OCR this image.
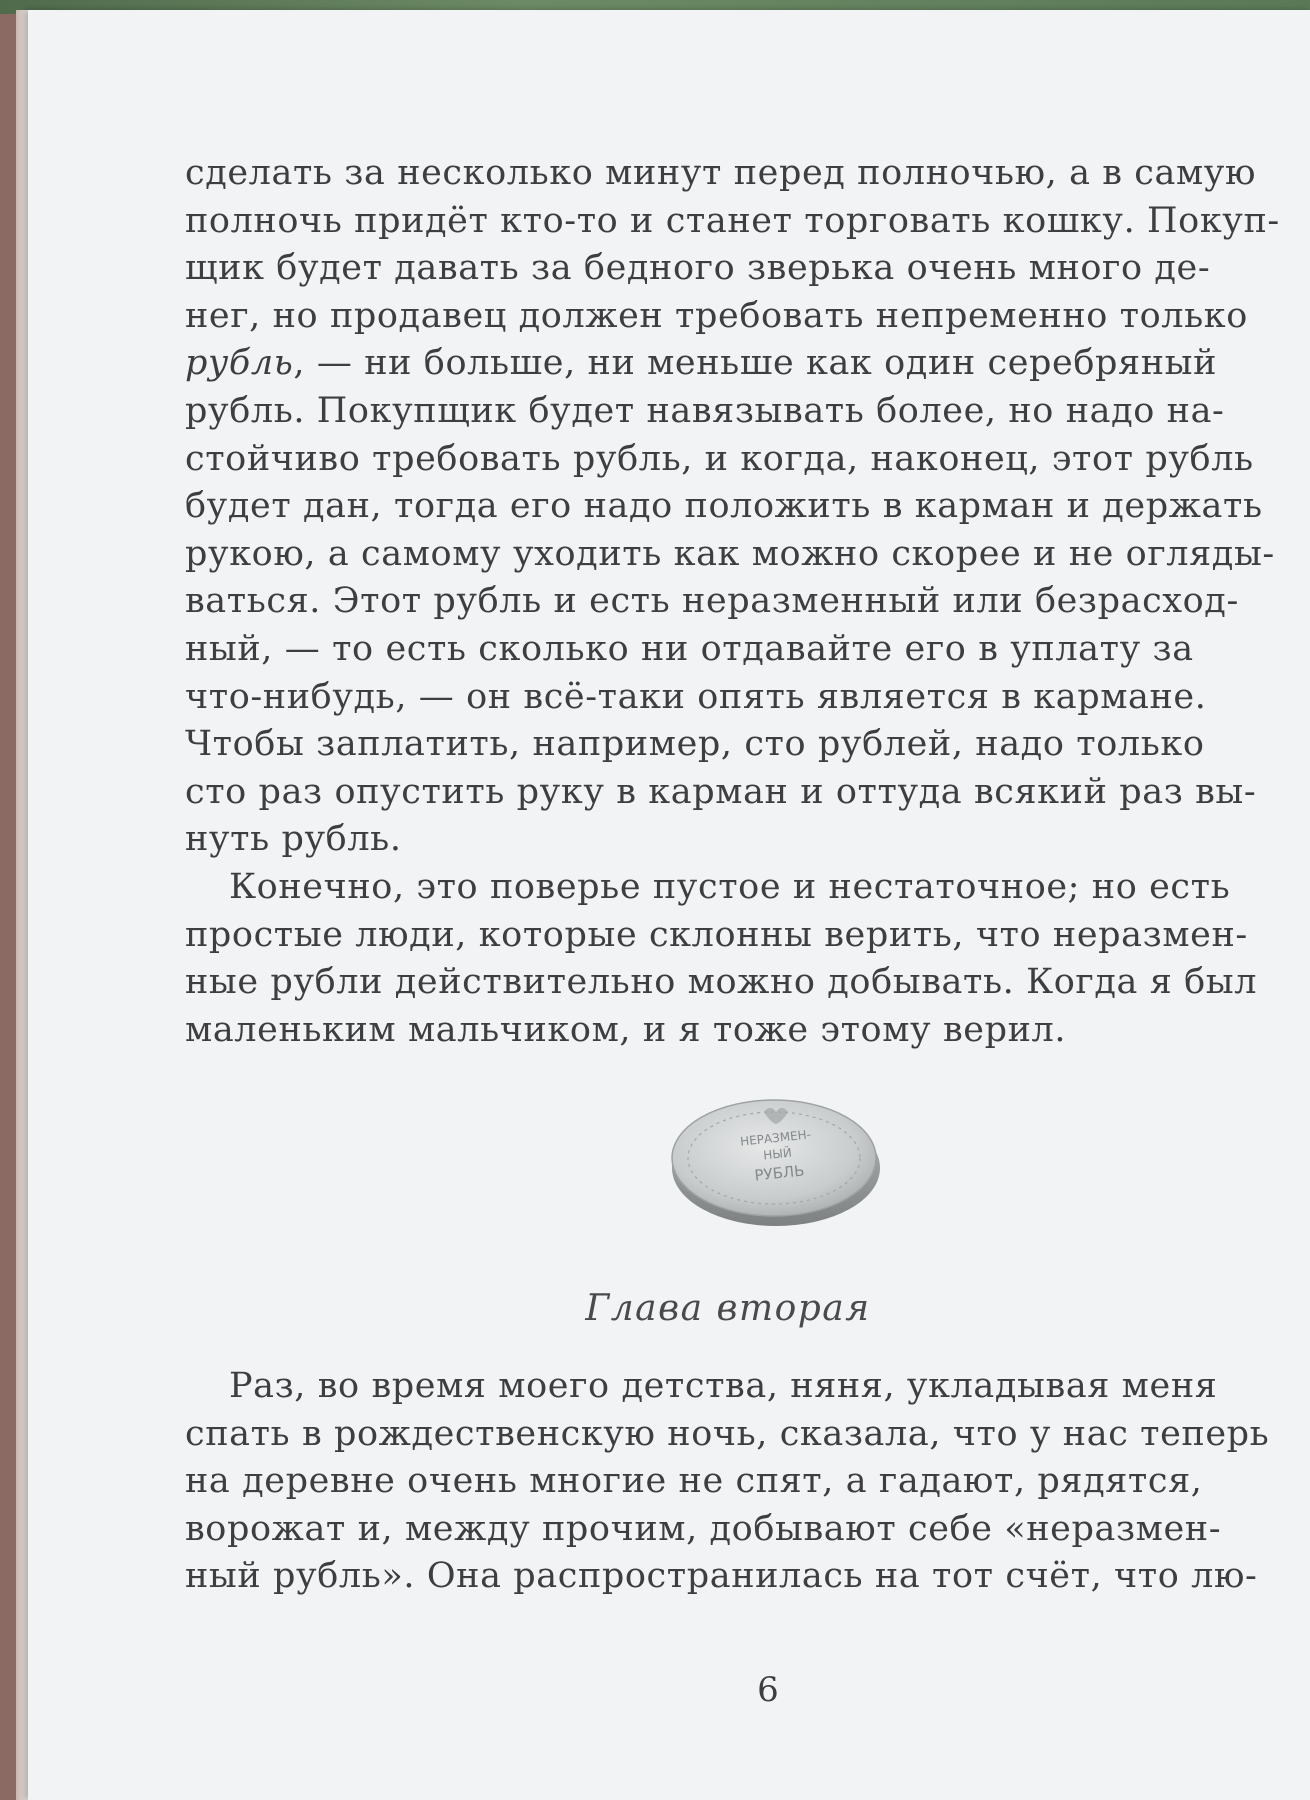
сделать за несколько минут перед полночью, а в самую
полночь придёт кто-то и станет торговать кошку. Покуп-
щик будет давать за бедного зверька очень много де-
нег, но продавец должен требовать непременно только
рубль, — ни больше, ни меньше как один серебряный
рубль. Покупщик будет навязывать более, но надо на-
стойчиво требовать рубль, и когда, наконец, этот рубль
будет дан, тогда его надо положить в карман и держать
рукою, а самому уходить как можно скорее и не огляды-
ваться. Этот рубль и есть неразменный или безрасход-
ный, — то есть сколько ни отдавайте его в уплату за
что-нибудь, — он всё-таки опять является в кармане.
Чтобы заплатить, например, сто рублей, надо только
сто раз опустить руку в карман и оттуда всякий раз вы-
нуть рубль.
Конечно, это поверье пустое и нестаточное; но есть
простые люди, которые склонны верить, что неразмен-
ные рубли действительно можно добывать. Когда я был
маленьким мальчиком, и я тоже этому верил.
НЕРАЗМЕН-
НЫЙ
РУБЛЬ
Глава вторая
Раз, во время моего детства, няня, укладывая меня
спать в рождественскую ночь, сказала, что у нас теперь
на деревне очень многие не спят, а гадают, рядятся,
ворожат и, между прочим, добывают себе «неразмен-
ный рубль». Она распространилась на тот счёт, что лю-
6
